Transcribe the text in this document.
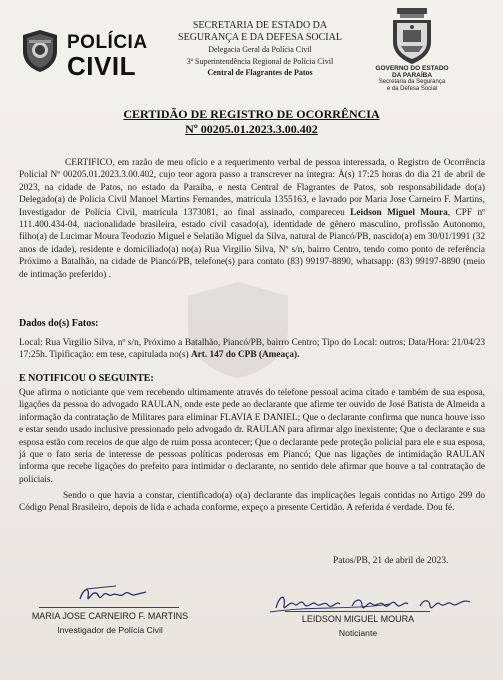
POLÍCIA
CIVIL
SECRETARIA DE ESTADO DA
SEGURANÇA E DA DEFESA SOCIAL
Delegacia Geral da Polícia Civil
3ª Superintendência Regional de Polícia Civil
Central de Flagrantes de Patos	GOVERNO DO ESTADO
DA PARAÍBA
Secretaria da Segurança
e da Defesa Social
CERTIDÃO DE REGISTRO DE OCORRÊNCIA
Nº 00205.01.2023.3.00.402
CERTIFICO, em razão de meu ofício e a requerimento verbal de pessoa interessada, o Registro de Ocorrência Policial Nº 00205.01.2023.3.00.402, cujo teor agora passo a transcrever na íntegra: À(s) 17:25 horas do dia 21 de abril de 2023, na cidade de Patos, no estado da Paraíba, e nesta Central de Flagrantes de Patos, sob responsabilidade do(a) Delegado(a) de Polícia Civil Manoel Martins Fernandes, matrícula 1355163, e lavrado por Maria Jose Carneiro F. Martins, Investigador de Polícia Civil, matrícula 1373081, ao final assinado, compareceu Leidson Miguel Moura, CPF nº 111.400.434-04, nacionalidade brasileira, estado civil casado(a), identidade de gênero masculino, profissão Autonomo, filho(a) de Lucimar Moura Teodozio Miguel e Selatião Miguel da Silva, natural de Piancó/PB, nascido(a) em 30/01/1991 (32 anos de idade), residente e domiciliado(a) no(a) Rua Virgilio Silva, Nº s/n, bairro Centro, tendo como ponto de referência Próximo a Batalhão, na cidade de Piancó/PB, telefone(s) para contato (83) 99197-8890, whatsapp: (83) 99197-8890 (meio de intimação preferido) .
Dados do(s) Fatos:
Local: Rua Virgilio Silva, nº s/n, Próximo a Batalhão, Piancó/PB, bairro Centro; Tipo do Local: outros; Data/Hora: 21/04/23 17:25h. Tipificação: em tese, capitulada no(s) Art. 147 do CPB (Ameaça).
E NOTIFICOU O SEGUINTE:
Que afirma o noticiante que vem recebendo ultimamente através do telefone pessoal acima citado e também de sua esposa, ligações da pessoa do advogado RAULAN, onde este pede ao declarante que afirme ter ouvido de José Batista de Almeida a informação da contratação de Militares para eliminar FLAVIA E DANIEL; Que o declarante confirma que nunca houve isso e estar sendo usado inclusive pressionado pelo advogado dr. RAULAN para afirmar algo inexistente; Que o declarante e sua esposa estão com receios de que algo de ruim possa acontecer; Que o declarante pede proteção policial para ele e sua esposa, já que o fato seria de interesse de pessoas políticas poderosas em Piancó; Que nas ligações de intimidação RAULAN informa que recebe ligações do prefeito para intimidar o declarante, no sentido dele afirmar que houve a tal contratação de policiais.
Sendo o que havia a constar, cientificado(a) o(a) declarante das implicações legais contidas no Artigo 299 do Código Penal Brasileiro, depois de lida e achada conforme, expeço a presente Certidão. A referida é verdade. Dou fé.
Patos/PB, 21 de abril de 2023.
MARIA JOSE CARNEIRO F. MARTINS
Investigador de Polícia Civil
LEIDSON MIGUEL MOURA
Noticiante
